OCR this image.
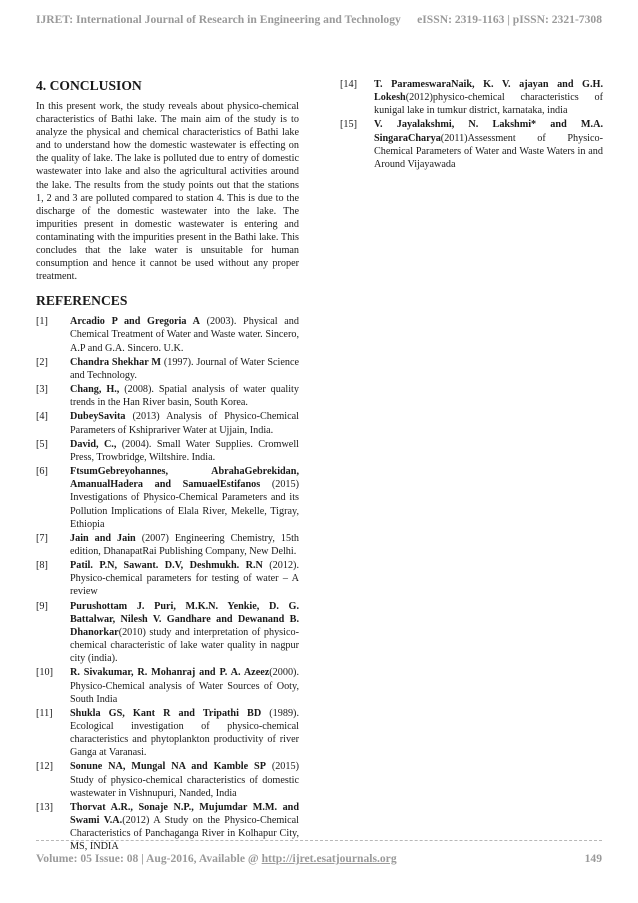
IJRET: International Journal of Research in Engineering and Technology eISSN: 2319-1163 | pISSN: 2321-7308
4. CONCLUSION

In this present work, the study reveals about physico-chemical characteristics of Bathi lake. The main aim of the study is to analyze the physical and chemical characteristics of Bathi lake and to understand how the domestic wastewater is effecting on the quality of lake. The lake is polluted due to entry of domestic wastewater into lake and also the agricultural activities around the lake. The results from the study points out that the stations 1, 2 and 3 are polluted compared to station 4. This is due to the discharge of the domestic wastewater into the lake. The impurities present in domestic wastewater is entering and contaminating with the impurities present in the Bathi lake. This concludes that the lake water is unsuitable for human consumption and hence it cannot be used without any proper treatment.

REFERENCES
[1]	Arcadio P and Gregoria A (2003). Physical and Chemical Treatment of Water and Waste water. Sincero, A.P and G.A. Sincero. U.K.
[2]	Chandra Shekhar M (1997). Journal of Water Science and Technology.
[3]	Chang, H., (2008). Spatial analysis of water quality trends in the Han River basin, South Korea.
[4]	DubeySavita (2013) Analysis of Physico-Chemical Parameters of Kshiprariver Water at Ujjain, India.
[5]	David, C., (2004). Small Water Supplies. Cromwell Press, Trowbridge, Wiltshire. India.
[6]	FtsumGebreyohannes, AbrahaGebrekidan, AmanualHadera and SamuaelEstifanos (2015) Investigations of Physico-Chemical Parameters and its Pollution Implications of Elala River, Mekelle, Tigray, Ethiopia
[7]	Jain and Jain (2007) Engineering Chemistry, 15th edition, DhanapatRai Publishing Company, New Delhi.
[8]	Patil. P.N, Sawant. D.V, Deshmukh. R.N (2012). Physico-chemical parameters for testing of water – A review
[9]	Purushottam J. Puri, M.K.N. Yenkie, D. G. Battalwar, Nilesh V. Gandhare and Dewanand B. Dhanorkar(2010) study and interpretation of physico-chemical characteristic of lake water quality in nagpur city (india).
[10]	R. Sivakumar, R. Mohanraj and P. A. Azeez(2000). Physico-Chemical analysis of Water Sources of Ooty, South India
[11]	Shukla GS, Kant R and Tripathi BD (1989). Ecological investigation of physico-chemical characteristics and phytoplankton productivity of river Ganga at Varanasi.
[12]	Sonune NA, Mungal NA and Kamble SP (2015) Study of physico-chemical characteristics of domestic wastewater in Vishnupuri, Nanded, India
[13]	Thorvat A.R., Sonaje N.P., Mujumdar M.M. and Swami V.A.(2012) A Study on the Physico-Chemical Characteristics of Panchaganga River in Kolhapur City, MS, INDIA
[14]	T. ParameswaraNaik, K. V. ajayan and G.H. Lokesh(2012)physico-chemical characteristics of kunigal lake in tumkur district, karnataka, india
[15]	V. Jayalakshmi, N. Lakshmi* and M.A. SingaraCharya(2011)Assessment of Physico-Chemical Parameters of Water and Waste Waters in and Around Vijayawada
Volume: 05 Issue: 08 | Aug-2016, Available @ http://ijret.esatjournals.org	149
